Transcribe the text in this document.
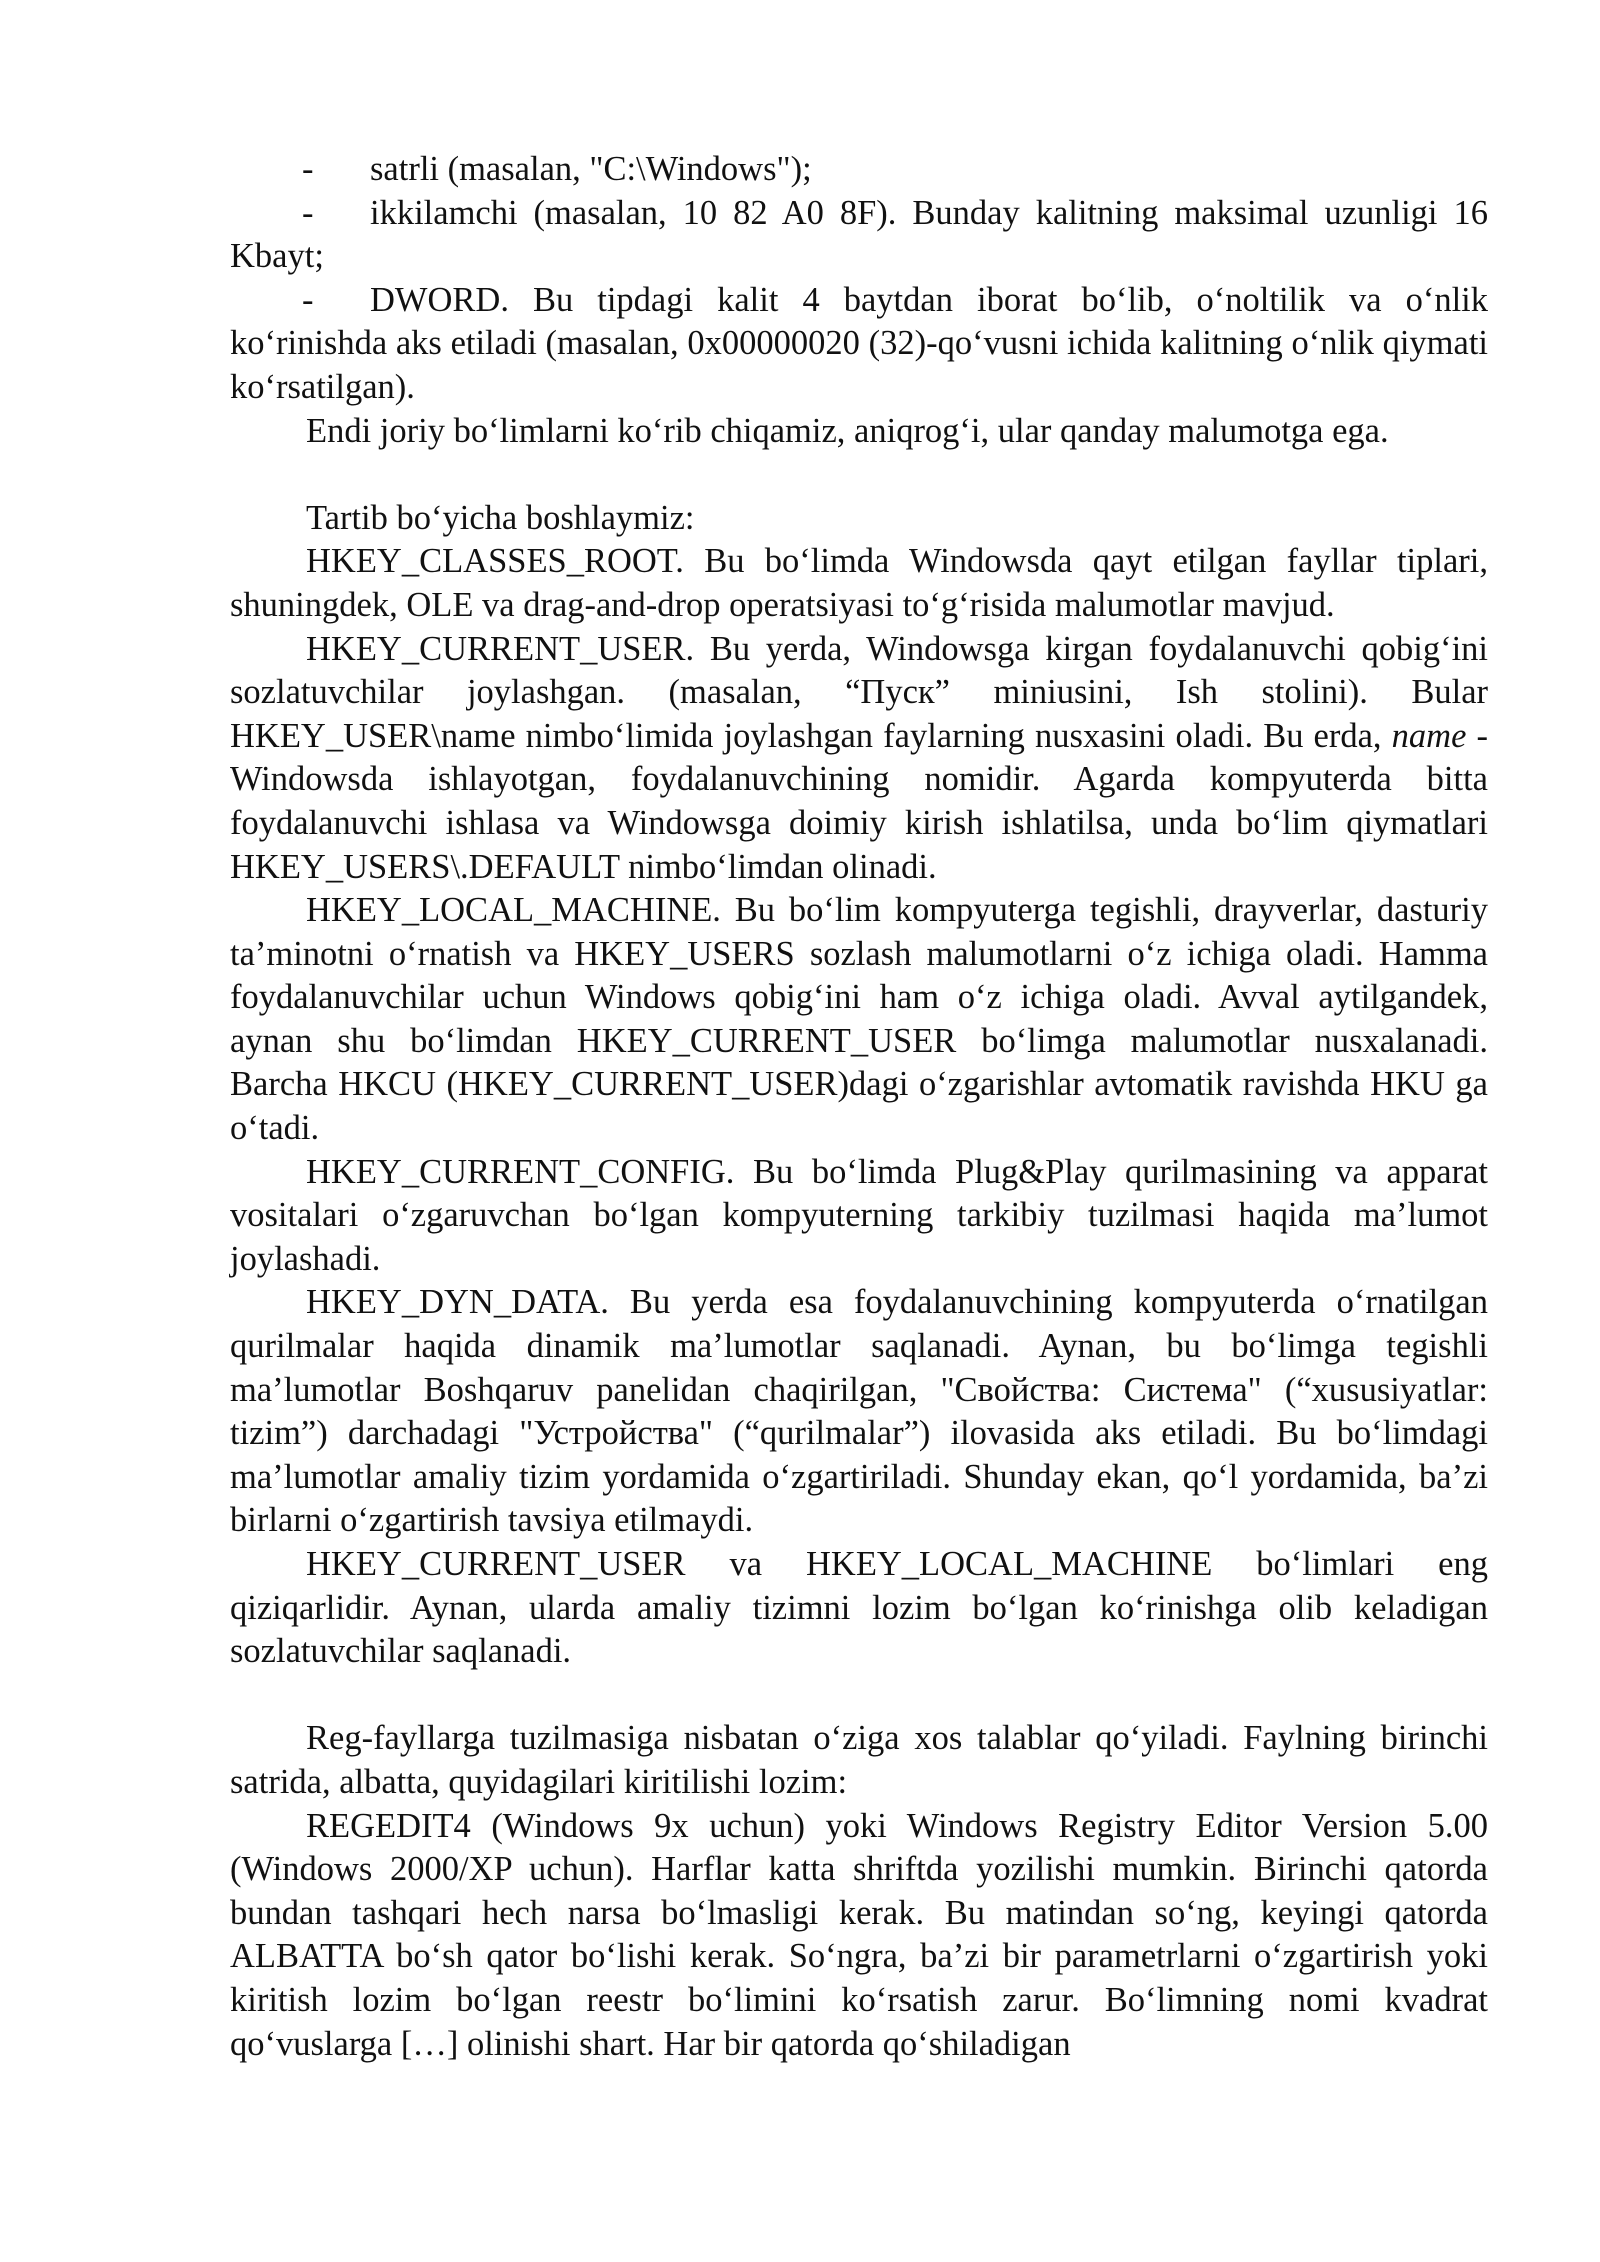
- satrli (masalan, "C:\Windows");

- ikkilamchi (masalan, 10 82 A0 8F). Bunday kalitning maksimal uzunligi 16 Kbayt;

- DWORD. Bu tipdagi kalit 4 baytdan iborat bo‘lib, o‘noltilik va o‘nlik ko‘rinishda aks etiladi (masalan, 0x00000020 (32)-qo‘vusni ichida kalitning o‘nlik qiymati ko‘rsatilgan).

Endi joriy bo‘limlarni ko‘rib chiqamiz, aniqrog‘i, ular qanday malumotga ega.

Tartib bo‘yicha boshlaymiz:

HKEY_CLASSES_ROOT. Bu bo‘limda Windowsda qayt etilgan fayllar tiplari, shuningdek, OLE va drag-and-drop operatsiyasi to‘g‘risida malumotlar mavjud.

HKEY_CURRENT_USER. Bu yerda, Windowsga kirgan foydalanuvchi qobig‘ini sozlatuvchilar joylashgan. (masalan, “Пуск” miniusini, Ish stolini). Bular HKEY_USER\name nimbo‘limida joylashgan faylarning nusxasini oladi. Bu erda, name - Windowsda ishlayotgan, foydalanuvchining nomidir. Agarda kompyuterda bitta foydalanuvchi ishlasa va Windowsga doimiy kirish ishlatilsa, unda bo‘lim qiymatlari HKEY_USERS\.DEFAULT nimbo‘limdan olinadi.

HKEY_LOCAL_MACHINE. Bu bo‘lim kompyuterga tegishli, drayverlar, dasturiy ta’minotni o‘rnatish va HKEY_USERS sozlash malumotlarni o‘z ichiga oladi. Hamma foydalanuvchilar uchun Windows qobig‘ini ham o‘z ichiga oladi. Avval aytilgandek, aynan shu bo‘limdan HKEY_CURRENT_USER bo‘limga malumotlar nusxalanadi. Barcha HKCU (HKEY_CURRENT_USER)dagi o‘zgarishlar avtomatik ravishda HKU ga o‘tadi.

HKEY_CURRENT_CONFIG. Bu bo‘limda Plug&Play qurilmasining va apparat vositalari o‘zgaruvchan bo‘lgan kompyuterning tarkibiy tuzilmasi haqida ma’lumot joylashadi.

HKEY_DYN_DATA. Bu yerda esa foydalanuvchining kompyuterda o‘rnatilgan qurilmalar haqida dinamik ma’lumotlar saqlanadi. Aynan, bu bo‘limga tegishli ma’lumotlar Boshqaruv panelidan chaqirilgan, "Свойства: Система" (“xususiyatlar: tizim”) darchadagi "Устройства" (“qurilmalar”) ilovasida aks etiladi. Bu bo‘limdagi ma’lumotlar amaliy tizim yordamida o‘zgartiriladi. Shunday ekan, qo‘l yordamida, ba’zi birlarni o‘zgartirish tavsiya etilmaydi.

HKEY_CURRENT_USER va HKEY_LOCAL_MACHINE bo‘limlari eng qiziqarlidir. Aynan, ularda amaliy tizimni lozim bo‘lgan ko‘rinishga olib keladigan sozlatuvchilar saqlanadi.

Reg-fayllarga tuzilmasiga nisbatan o‘ziga xos talablar qo‘yiladi. Faylning birinchi satrida, albatta, quyidagilari kiritilishi lozim:

REGEDIT4 (Windows 9x uchun) yoki Windows Registry Editor Version 5.00 (Windows 2000/XP uchun). Harflar katta shriftda yozilishi mumkin. Birinchi qatorda bundan tashqari hech narsa bo‘lmasligi kerak. Bu matindan so‘ng, keyingi qatorda ALBATTA bo‘sh qator bo‘lishi kerak. So‘ngra, ba’zi bir parametrlarni o‘zgartirish yoki kiritish lozim bo‘lgan reestr bo‘limini ko‘rsatish zarur. Bo‘limning nomi kvadrat qo‘vuslarga […] olinishi shart. Har bir qatorda qo‘shiladigan
